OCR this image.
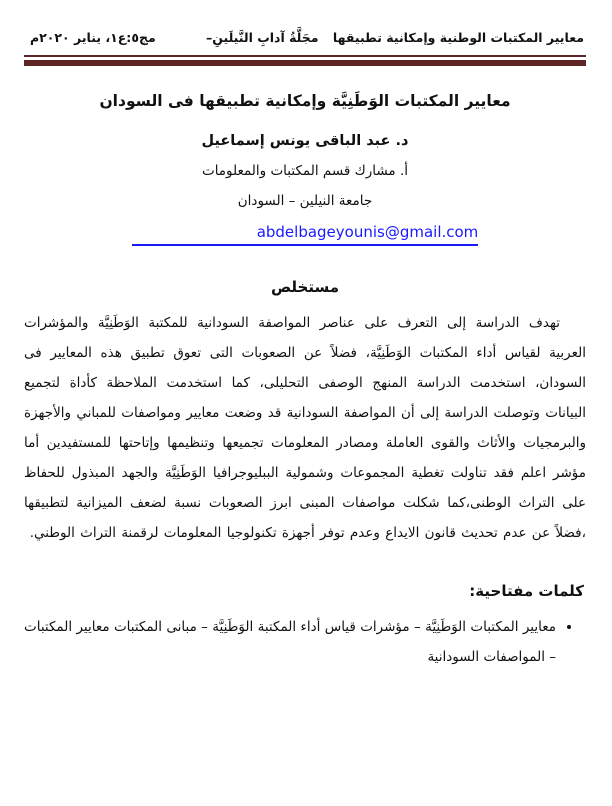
معايير المكتبات الوطنية وإمكانية تطبيقها مجَلَّةُ آدابِ النَّيلَينِ–
مج٥:ع١، يناير ٢٠٢٠م
معايير المكتبات الوَطَنِيَّة وإمكانية تطبيقها فى السودان
د. عبد الباقى يونس إسماعيل
أ. مشارك قسم المكتبات والمعلومات
جامعة النيلين – السودان
abdelbageyounis@gmail.com
مستخلص

تهدف الدراسة إلى التعرف على عناصر المواصفة السودانية للمكتبة الوَطَنِيَّة والمؤشرات العربية لقياس أداء المكتبات الوَطَنِيَّة، فضلاً عن الصعوبات التى تعوق تطبيق هذه المعايير فى السودان، استخدمت الدراسة المنهج الوصفى التحليلى، كما استخدمت الملاحظة كأداة لتجميع البيانات وتوصلت الدراسة إلى أن المواصفة السودانية قد وضعت معايير ومواصفات للمباني والأجهزة والبرمجيات والأثاث والقوى العاملة ومصادر المعلومات تجميعها وتنظيمها وإتاحتها للمستفيدين أما مؤشر اعلم فقد تناولت تغطية المجموعات وشمولية الببليوجرافيا الوَطَنِيَّة والجهد المبذول للحفاظ على التراث الوطنى،كما شكلت مواصفات المبنى ابرز الصعوبات نسبة لضعف الميزانية لتطبيقها ،فضلاً عن عدم تحديث قانون الايداع وعدم توفر أجهزة تكنولوجيا المعلومات لرقمنة التراث الوطني.

كلمات مفتاحية:
• معايير المكتبات الوَطَنِيَّة – مؤشرات قياس أداء المكتبة الوَطَنِيَّة – مبانى المكتبات معايير المكتبات – المواصفات السودانية
